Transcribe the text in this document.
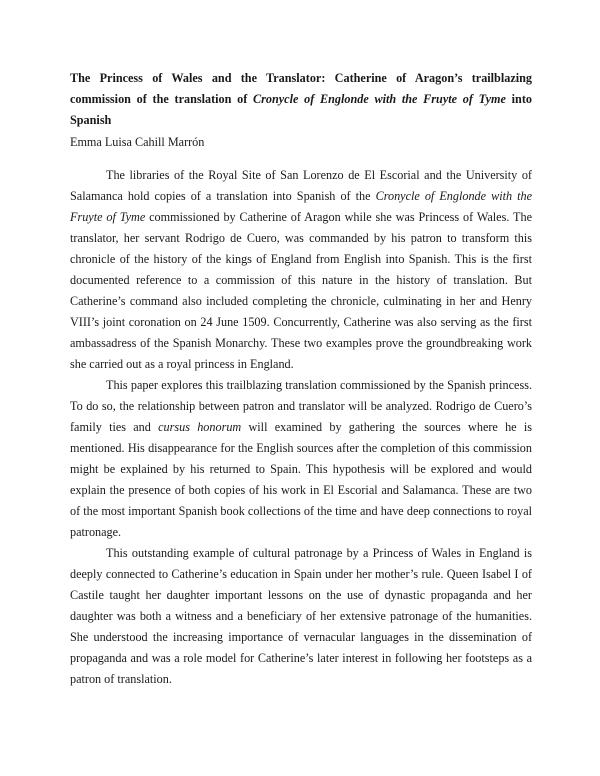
The Princess of Wales and the Translator: Catherine of Aragon’s trailblazing commission of the translation of Cronycle of Englonde with the Fruyte of Tyme into Spanish
Emma Luisa Cahill Marrón

The libraries of the Royal Site of San Lorenzo de El Escorial and the University of Salamanca hold copies of a translation into Spanish of the Cronycle of Englonde with the Fruyte of Tyme commissioned by Catherine of Aragon while she was Princess of Wales. The translator, her servant Rodrigo de Cuero, was commanded by his patron to transform this chronicle of the history of the kings of England from English into Spanish. This is the first documented reference to a commission of this nature in the history of translation. But Catherine’s command also included completing the chronicle, culminating in her and Henry VIII’s joint coronation on 24 June 1509. Concurrently, Catherine was also serving as the first ambassadress of the Spanish Monarchy. These two examples prove the groundbreaking work she carried out as a royal princess in England.

This paper explores this trailblazing translation commissioned by the Spanish princess. To do so, the relationship between patron and translator will be analyzed. Rodrigo de Cuero’s family ties and cursus honorum will examined by gathering the sources where he is mentioned. His disappearance for the English sources after the completion of this commission might be explained by his returned to Spain. This hypothesis will be explored and would explain the presence of both copies of his work in El Escorial and Salamanca. These are two of the most important Spanish book collections of the time and have deep connections to royal patronage.

This outstanding example of cultural patronage by a Princess of Wales in England is deeply connected to Catherine’s education in Spain under her mother’s rule. Queen Isabel I of Castile taught her daughter important lessons on the use of dynastic propaganda and her daughter was both a witness and a beneficiary of her extensive patronage of the humanities. She understood the increasing importance of vernacular languages in the dissemination of propaganda and was a role model for Catherine’s later interest in following her footsteps as a patron of translation.
